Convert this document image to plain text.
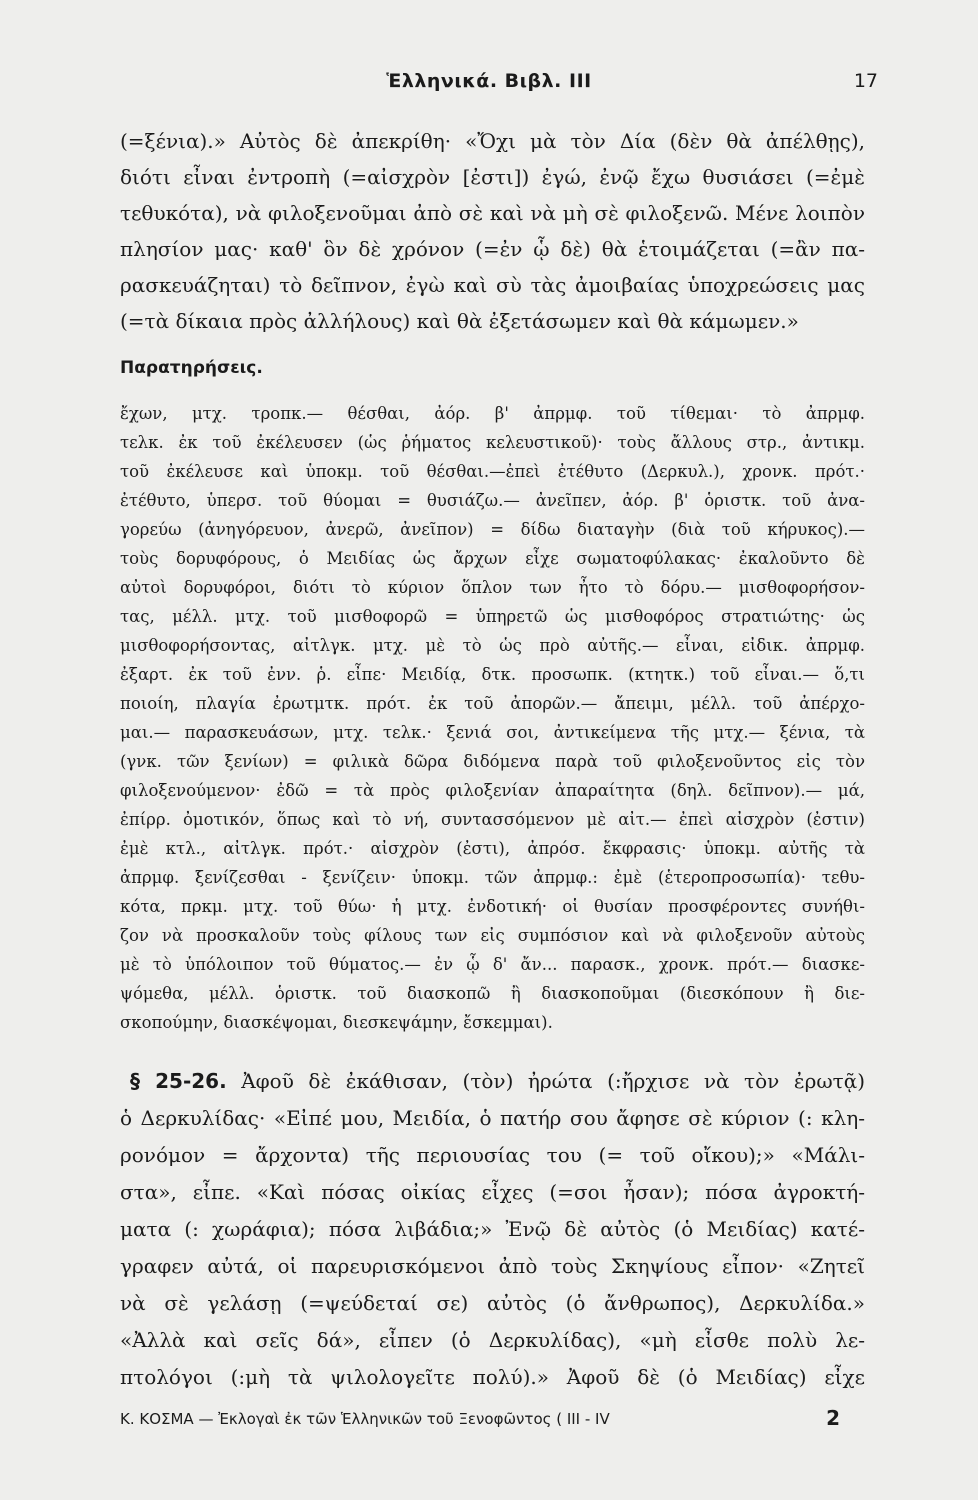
Ἑλληνικά. Βιβλ. ΙΙΙ	17
(=ξένια).» Αὐτὸς δὲ ἀπεκρίθη· «Ὄχι μὰ τὸν Δία (δὲν θὰ ἀπέλθῃς),
διότι εἶναι ἐντροπὴ (=αἰσχρὸν [ἐστι]) ἐγώ, ἐνῷ ἔχω θυσιάσει (=ἐμὲ
τεθυκότα), νὰ φιλοξενοῦμαι ἀπὸ σὲ καὶ νὰ μὴ σὲ φιλοξενῶ. Μένε λοιπὸν
πλησίον μας· καθ' ὃν δὲ χρόνον (=ἐν ᾧ δὲ) θὰ ἑτοιμάζεται (=ἂν πα-
ρασκευάζηται) τὸ δεῖπνον, ἐγὼ καὶ σὺ τὰς ἀμοιβαίας ὑποχρεώσεις μας
(=τὰ δίκαια πρὸς ἀλλήλους) καὶ θὰ ἐξετάσωμεν καὶ θὰ κάμωμεν.»
Παρατηρήσεις.
ἔχων, μτχ. τροπκ.— θέσθαι, ἀόρ. β' ἀπρμφ. τοῦ τίθεμαι· τὸ ἀπρμφ.
τελκ. ἐκ τοῦ ἐκέλευσεν (ὡς ῥήματος κελευστικοῦ)· τοὺς ἄλλους στρ., ἀντικμ.
τοῦ ἐκέλευσε καὶ ὑποκμ. τοῦ θέσθαι.—ἐπεὶ ἐτέθυτο (Δερκυλ.), χρονκ. πρότ.·
ἐτέθυτο, ὑπερσ. τοῦ θύομαι = θυσιάζω.— ἀνεῖπεν, ἀόρ. β' ὁριστκ. τοῦ ἀνα-
γορεύω (ἀνηγόρευον, ἀνερῶ, ἀνεῖπον) = δίδω διαταγὴν (διὰ τοῦ κήρυκος).—
τοὺς δορυφόρους, ὁ Μειδίας ὡς ἄρχων εἶχε σωματοφύλακας· ἐκαλοῦντο δὲ
αὐτοὶ δορυφόροι, διότι τὸ κύριον ὅπλον των ἦτο τὸ δόρυ.— μισθοφορήσον-
τας, μέλλ. μτχ. τοῦ μισθοφορῶ = ὑπηρετῶ ὡς μισθοφόρος στρατιώτης· ὡς
μισθοφορήσοντας, αἰτλγκ. μτχ. μὲ τὸ ὡς πρὸ αὐτῆς.— εἶναι, εἰδικ. ἀπρμφ.
ἐξαρτ. ἐκ τοῦ ἐνν. ῥ. εἶπε· Μειδίᾳ, δτκ. προσωπκ. (κτητκ.) τοῦ εἶναι.— ὅ,τι
ποιοίη, πλαγία ἐρωτμτκ. πρότ. ἐκ τοῦ ἀπορῶν.— ἄπειμι, μέλλ. τοῦ ἀπέρχο-
μαι.— παρασκευάσων, μτχ. τελκ.· ξενιά σοι, ἀντικείμενα τῆς μτχ.— ξένια, τὰ
(γνκ. τῶν ξενίων) = φιλικὰ δῶρα διδόμενα παρὰ τοῦ φιλοξενοῦντος εἰς τὸν
φιλοξενούμενον· ἐδῶ = τὰ πρὸς φιλοξενίαν ἀπαραίτητα (δηλ. δεῖπνον).— μά,
ἐπίρρ. ὀμοτικόν, ὅπως καὶ τὸ νή, συντασσόμενον μὲ αἰτ.— ἐπεὶ αἰσχρὸν (ἐστιν)
ἐμὲ κτλ., αἰτλγκ. πρότ.· αἰσχρὸν (ἐστι), ἀπρόσ. ἔκφρασις· ὑποκμ. αὐτῆς τὰ
ἀπρμφ. ξενίζεσθαι - ξενίζειν· ὑποκμ. τῶν ἀπρμφ.: ἐμὲ (ἑτεροπροσωπία)· τεθυ-
κότα, πρκμ. μτχ. τοῦ θύω· ἡ μτχ. ἐνδοτική· οἱ θυσίαν προσφέροντες συνήθι-
ζον νὰ προσκαλοῦν τοὺς φίλους των εἰς συμπόσιον καὶ νὰ φιλοξενοῦν αὐτοὺς
μὲ τὸ ὑπόλοιπον τοῦ θύματος.— ἐν ᾧ δ' ἄν... παρασκ., χρονκ. πρότ.— διασκε-
ψόμεθα, μέλλ. ὁριστκ. τοῦ διασκοπῶ ἢ διασκοποῦμαι (διεσκόπουν ἢ διε-
σκοπούμην, διασκέψομαι, διεσκεψάμην, ἔσκεμμαι).
§ 25-26. Ἀφοῦ δὲ ἐκάθισαν, (τὸν) ἠρώτα (:ἤρχισε νὰ τὸν ἐρωτᾷ)
ὁ Δερκυλίδας· «Εἰπέ μου, Μειδία, ὁ πατήρ σου ἄφησε σὲ κύριον (: κλη-
ρονόμον = ἄρχοντα) τῆς περιουσίας του (= τοῦ οἴκου);» «Μάλι-
στα», εἶπε. «Καὶ πόσας οἰκίας εἶχες (=σοι ἦσαν); πόσα ἀγροκτή-
ματα (: χωράφια); πόσα λιβάδια;» Ἐνῷ δὲ αὐτὸς (ὁ Μειδίας) κατέ-
γραφεν αὐτά, οἱ παρευρισκόμενοι ἀπὸ τοὺς Σκηψίους εἶπον· «Ζητεῖ
νὰ σὲ γελάσῃ (=ψεύδεταί σε) αὐτὸς (ὁ ἄνθρωπος), Δερκυλίδα.»
«Ἀλλὰ καὶ σεῖς δά», εἶπεν (ὁ Δερκυλίδας), «μὴ εἶσθε πολὺ λε-
πτολόγοι (:μὴ τὰ ψιλολογεῖτε πολύ).» Ἀφοῦ δὲ (ὁ Μειδίας) εἶχε
Κ. ΚΟΣΜΑ — Ἐκλογαὶ ἐκ τῶν Ἑλληνικῶν τοῦ Ξενοφῶντος ( ΙΙΙ - IV	2
